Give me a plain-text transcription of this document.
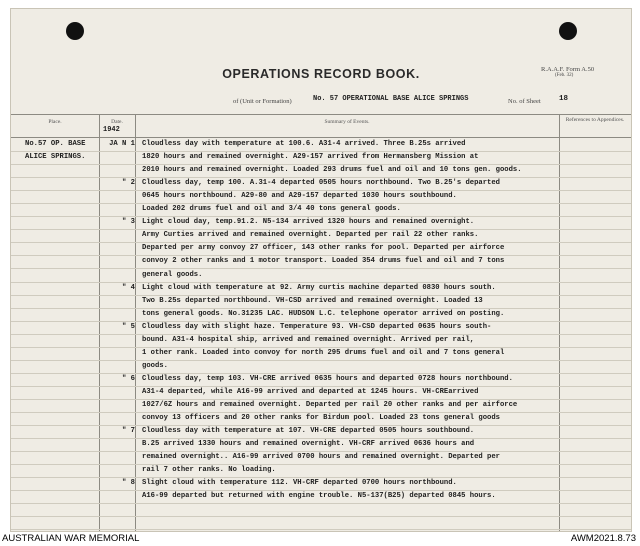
OPERATIONS RECORD BOOK.	R.A.A.F. Form A.50
(Feb. 32)
of (Unit or Formation)	No. 57 OPERATIONAL BASE ALICE SPRINGS	No. of Sheet 18
Place.	Date.
1942
Summary of Events.	References to Appendices.
No.57 OP. BASE
ALICE SPRINGS.
JA N 1 Cloudless day with temperature at 100.6. A31-4 arrived. Three B.25s arrived
1820 hours and remained overnight. A29-157 arrived from Hermansberg Mission at
2010 hours and remained overnight. Loaded 293 drums fuel and oil and 10 tons gen. goods.
" 2 Cloudless day, temp 100. A.31-4 departed 0505 hours northbound. Two B.25's departed
0645 hours northbound. A29-80 and A29-157 departed 1030 hours southbound.
Loaded 202 drums fuel and oil and 3/4 40 tons general goods.
" 3 Light cloud day, temp.91.2. N5-134 arrived 1320 hours and remained overnight.
Army Curties arrived and remained overnight. Departed per rail 22 other ranks.
Departed per army convoy 27 officer, 143 other ranks for pool. Departed per airforce
convoy 2 other ranks and 1 motor transport. Loaded 354 drums fuel and oil and 7 tons
general goods.
" 4 Light cloud with temperature at 92. Army curtis machine departed 0830 hours south.
Two B.25s departed northbound. VH-CSD arrived and remained overnight. Loaded 13
tons general goods. No.31235 LAC. HUDSON L.C. telephone operator arrived on posting.
" 5 Cloudless day with slight haze. Temperature 93. VH-CSD departed 0635 hours south-
bound. A31-4 hospital ship, arrived and remained overnight. Arrived per rail,
1 other rank. Loaded into convoy for north 295 drums fuel and oil and 7 tons general
goods.
" 6 Cloudless day, temp 103. VH-CRE arrived 0635 hours and departed 0728 hours northbound.
A31-4 departed, while A16-99 arrived and departed at 1245 hours. VH-CREarrived
1027/6Z hours and remained overnight. Departed per rail 20 other ranks and per airforce
convoy 13 officers and 20 other ranks for Birdum pool. Loaded 23 tons general goods
" 7 Cloudless day with temperature at 107. VH-CRE departed 0505 hours southbound.
B.25 arrived 1330 hours and remained overnight. VH-CRF arrived 0636 hours and
remained overnight.. A16-99 arrived 0700 hours and remained overnight. Departed per
rail 7 other ranks. No loading.
" 8 Slight cloud with temperature 112. VH-CRF departed 0700 hours northbound.
A16-99 departed but returned with engine trouble. N5-137(B25) departed 0845 hours.
AUSTRALIAN WAR MEMORIAL	AWM2021.8.73
